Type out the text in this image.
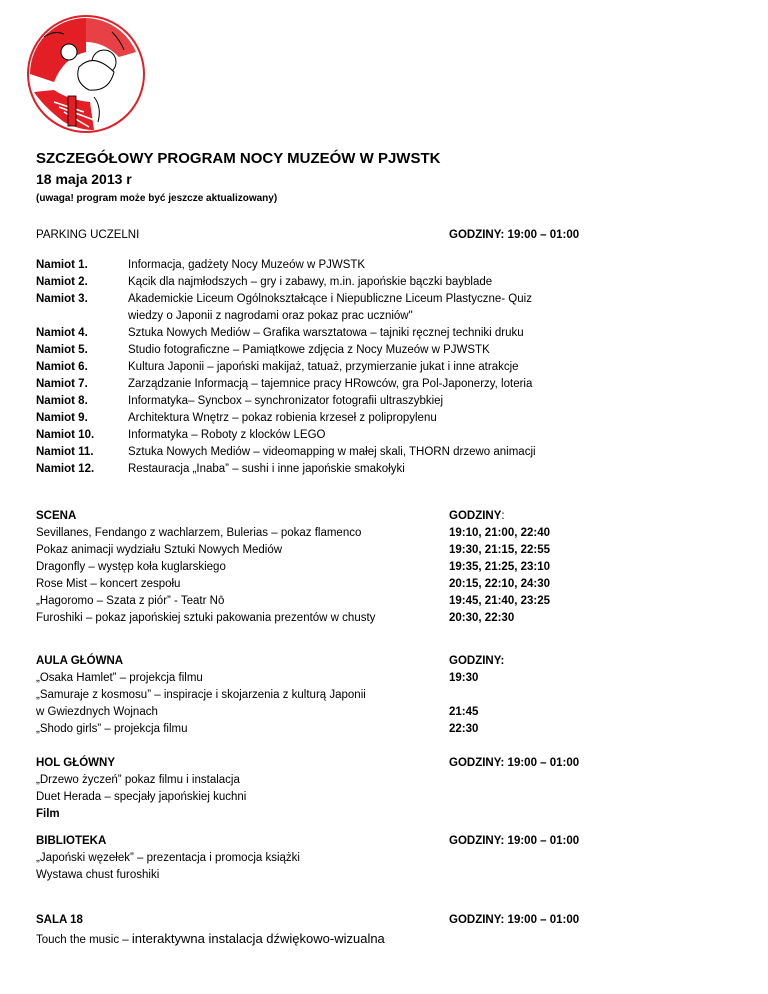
SZCZEGÓŁOWY PROGRAM NOCY MUZEÓW W PJWSTK
18 maja 2013 r
(uwaga! program może być jeszcze aktualizowany)
PARKING UCZELNI	GODZINY: 19:00 – 01:00
Namiot 1.	Informacja, gadżety Nocy Muzeów w PJWSTK
Namiot 2.	Kącik dla najmłodszych – gry i zabawy, m.in. japońskie bączki bayblade
Namiot 3.	Akademickie Liceum Ogólnokształcące i Niepubliczne Liceum Plastyczne- Quiz
wiedzy o Japonii z nagrodami oraz pokaz prac uczniów"
Namiot 4.	Sztuka Nowych Mediów – Grafika warsztatowa – tajniki ręcznej techniki druku
Namiot 5.	Studio fotograficzne – Pamiątkowe zdjęcia z Nocy Muzeów w PJWSTK
Namiot 6.	Kultura Japonii – japoński makijaż, tatuaż, przymierzanie jukat i inne atrakcje
Namiot 7.	Zarządzanie Informacją – tajemnice pracy HRowców, gra Pol-Japonerzy, loteria
Namiot 8.	Informatyka– Syncbox – synchronizator fotografii ultraszybkiej
Namiot 9.	Architektura Wnętrz – pokaz robienia krzeseł z polipropylenu
Namiot 10.	Informatyka – Roboty z klocków LEGO
Namiot 11.	Sztuka Nowych Mediów – videomapping w małej skali, THORN drzewo animacji
Namiot 12.	Restauracja „Inaba” – sushi i inne japońskie smakołyki
SCENA	GODZINY:
Sevillanes, Fendango z wachlarzem, Bulerias – pokaz flamenco	19:10, 21:00, 22:40
Pokaz animacji wydziału Sztuki Nowych Mediów	19:30, 21:15, 22:55
Dragonfly – występ koła kuglarskiego	19:35, 21:25, 23:10
Rose Mist – koncert zespołu	20:15, 22:10, 24:30
„Hagoromo – Szata z piór” - Teatr Nō	19:45, 21:40, 23:25
Furoshiki – pokaz japońskiej sztuki pakowania prezentów w chusty	20:30, 22:30
AULA GŁÓWNA	GODZINY:
„Osaka Hamlet” – projekcja filmu	19:30
„Samuraje z kosmosu” – inspiracje i skojarzenia z kulturą Japonii
w Gwiezdnych Wojnach	21:45
„Shodo girls” – projekcja filmu	22:30
HOL GŁÓWNY	GODZINY: 19:00 – 01:00
„Drzewo życzeń” pokaz filmu i instalacja
Duet Herada – specjały japońskiej kuchni
Film
BIBLIOTEKA	GODZINY: 19:00 – 01:00
„Japoński węzełek” – prezentacja i promocja książki
Wystawa chust furoshiki
SALA 18	GODZINY: 19:00 – 01:00
Touch the music – interaktywna instalacja dźwiękowo-wizualna
